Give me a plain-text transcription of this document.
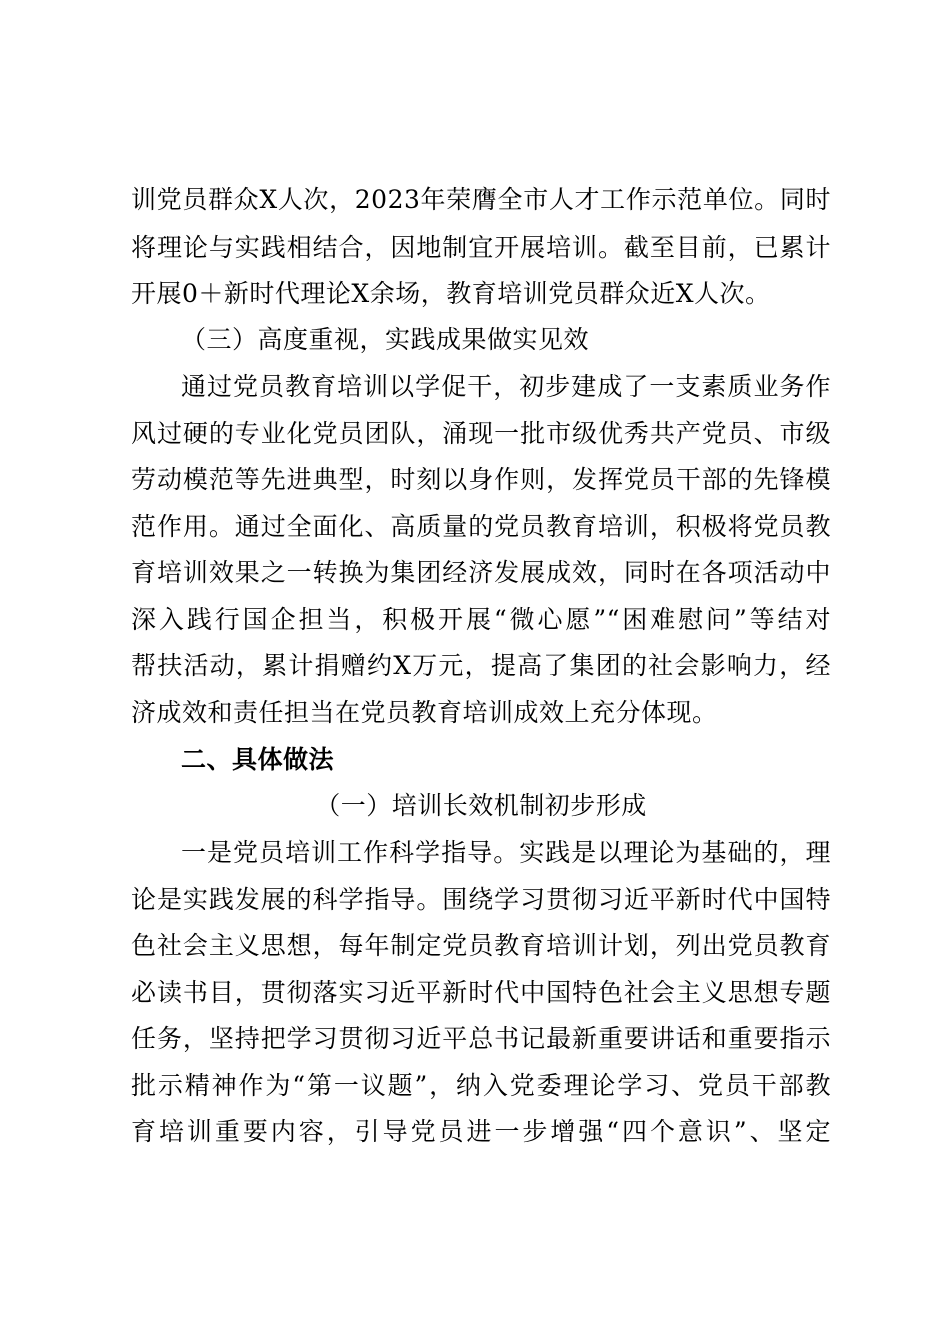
训党员群众X人次，2023年荣膺全市人才工作示范单位。同时
将理论与实践相结合，因地制宜开展培训。截至目前，已累计
开展0＋新时代理论X余场，教育培训党员群众近X人次。
（三）高度重视，实践成果做实见效
通过党员教育培训以学促干，初步建成了一支素质业务作
风过硬的专业化党员团队，涌现一批市级优秀共产党员、市级
劳动模范等先进典型，时刻以身作则，发挥党员干部的先锋模
范作用。通过全面化、高质量的党员教育培训，积极将党员教
育培训效果之一转换为集团经济发展成效，同时在各项活动中
深入践行国企担当，积极开展“微心愿”“困难慰问”等结对
帮扶活动，累计捐赠约X万元，提高了集团的社会影响力，经
济成效和责任担当在党员教育培训成效上充分体现。
二、具体做法
（一）培训长效机制初步形成
一是党员培训工作科学指导。实践是以理论为基础的，理
论是实践发展的科学指导。围绕学习贯彻习近平新时代中国特
色社会主义思想，每年制定党员教育培训计划，列出党员教育
必读书目，贯彻落实习近平新时代中国特色社会主义思想专题
任务，坚持把学习贯彻习近平总书记最新重要讲话和重要指示
批示精神作为“第一议题”，纳入党委理论学习、党员干部教
育培训重要内容，引导党员进一步增强“四个意识”、坚定
